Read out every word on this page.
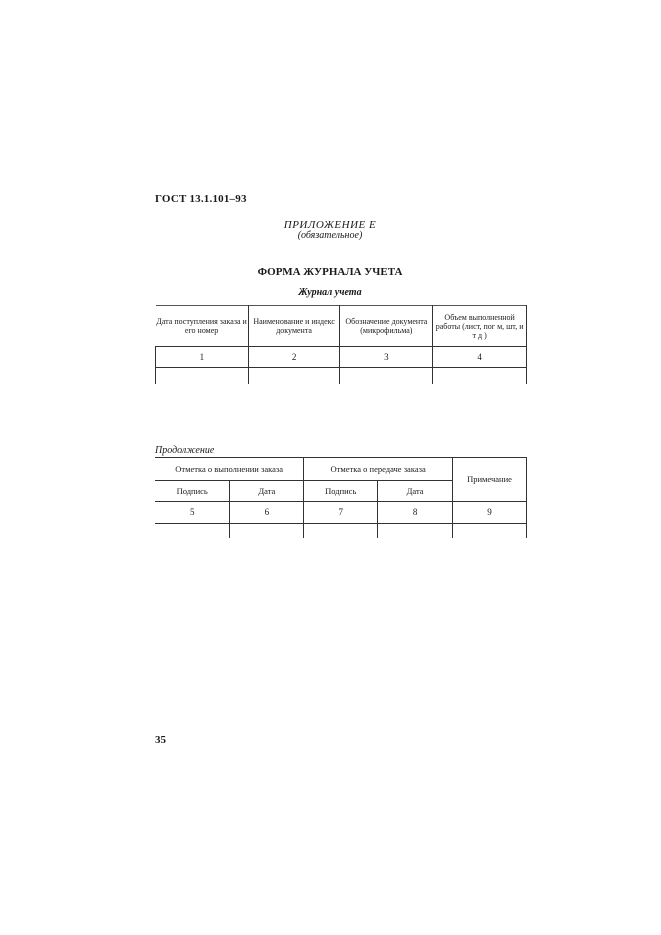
ГОСТ 13.1.101–93
ПРИЛОЖЕНИЕ Е
(обязательное)
ФОРМА ЖУРНАЛА УЧЕТА
Журнал учета
Дата поступления заказа и его номер	Наименование и индекс документа	Обозначение документа (микрофильма)	Объем выполненной работы (лист, пог м, шт, и т д )
1	2	3	4

Продолжение
Отметка о выполнении заказа		Отметка о передаче заказа		Примечание
Подпись	Дата	Подпись	Дата	
5	6	7	8	9

35
